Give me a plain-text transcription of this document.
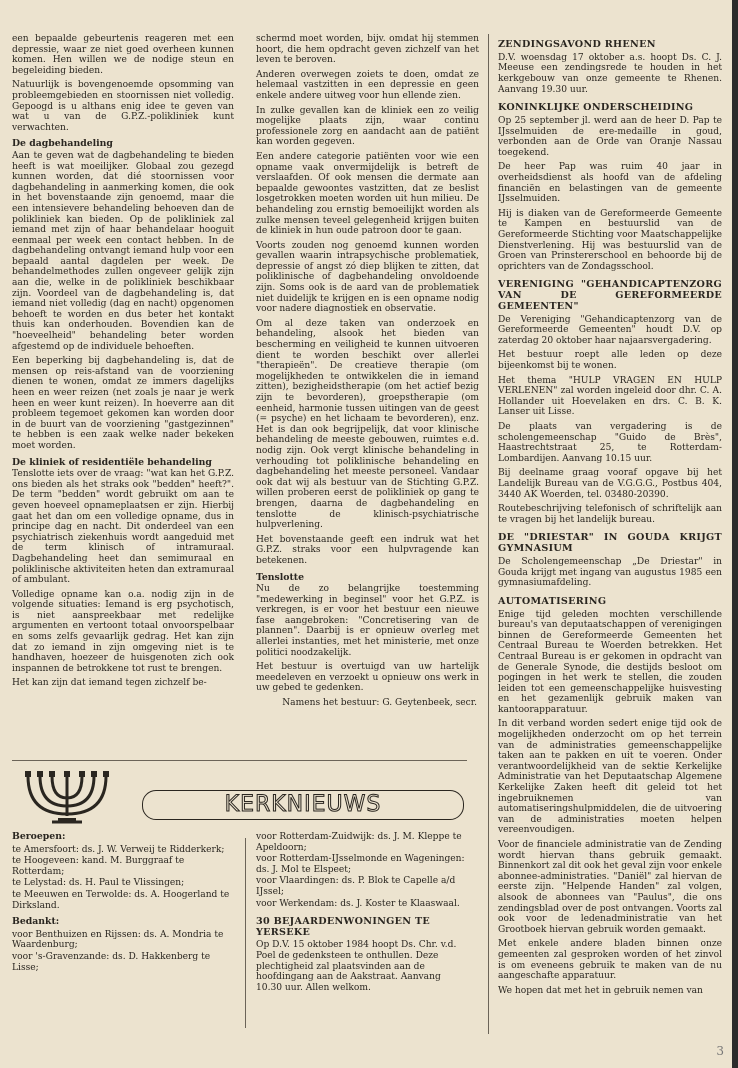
een bepaalde gebeurtenis reageren met een depressie, waar ze niet goed overheen kunnen komen. Hen willen we de nodige steun en begeleiding bieden.

Natuurlijk is bovengenoemde opsomming van probleemgebieden en stoornissen niet volledig. Gepoogd is u althans enig idee te geven van wat u van de G.P.Z.-polikliniek kunt verwachten.

De dagbehandeling

Aan te geven wat de dagbehandeling te bieden heeft is wat moeilijker. Globaal zou gezegd kunnen worden, dat dié stoornissen voor dagbehandeling in aanmerking komen, die ook in het bovenstaande zijn genoemd, maar die een intensievere behandeling behoeven dan de polikliniek kan bieden. Op de polikliniek zal iemand met zijn of haar behandelaar hooguit eenmaal per week een contact hebben. In de dagbehandeling ontvangt iemand hulp voor een bepaald aantal dagdelen per week. De behandelmethodes zullen ongeveer gelijk zijn aan die, welke in de polikliniek beschikbaar zijn. Voordeel van de dagbehandeling is, dat iemand niet volledig (dag en nacht) opgenomen behoeft te worden en dus beter het kontakt thuis kan onderhouden. Bovendien kan de "hoeveelheid" behandeling beter worden afgestemd op de individuele behoeften.

Een beperking bij dagbehandeling is, dat de mensen op reis-afstand van de voorziening dienen te wonen, omdat ze immers dagelijks heen en weer reizen (net zoals je naar je werk heen en weer kunt reizen). In hoeverre aan dit probleem tegemoet gekomen kan worden door in de buurt van de voorziening "gastgezinnen" te hebben is een zaak welke nader bekeken moet worden.

De kliniek of residentiële behandeling

Tenslotte iets over de vraag: "wat kan het G.P.Z. ons bieden als het straks ook "bedden" heeft?". De term "bedden" wordt gebruikt om aan te geven hoeveel opnameplaatsen er zijn. Hierbij gaat het dan om een volledige opname, dus in principe dag en nacht. Dit onderdeel van een psychiatrisch ziekenhuis wordt aangeduid met de term klinisch of intramuraal. Dagbehandeling heet dan semimuraal en poliklinische aktiviteiten heten dan extramuraal of ambulant.

Volledige opname kan o.a. nodig zijn in de volgende situaties: Iemand is erg psychotisch, is niet aanspreekbaar met redelijke argumenten en vertoont totaal onvoorspelbaar en soms zelfs gevaarlijk gedrag. Het kan zijn dat zo iemand in zijn omgeving niet is te handhaven, hoezeer de huisgenoten zich ook inspannen de betrokkene tot rust te brengen.

Het kan zijn dat iemand tegen zichzelf be-

schermd moet worden, bijv. omdat hij stemmen hoort, die hem opdracht geven zichzelf van het leven te beroven.

Anderen overwegen zoiets te doen, omdat ze helemaal vastzitten in een depressie en geen enkele andere uitweg voor hun ellende zien.

In zulke gevallen kan de kliniek een zo veilig mogelijke plaats zijn, waar continu professionele zorg en aandacht aan de patiënt kan worden gegeven.

Een andere categorie patiënten voor wie een opname vaak onvermijdelijk is betreft de verslaafden. Of ook mensen die dermate aan bepaalde gewoontes vastzitten, dat ze beslist losgetrokken moeten worden uit hun milieu. De behandeling zou ernstig bemoeilijkt worden als zulke mensen teveel gelegenheid krijgen buiten de kliniek in hun oude patroon door te gaan.

Voorts zouden nog genoemd kunnen worden gevallen waarin intrapsychische problematiek, depressie of angst zó diep blijken te zitten, dat poliklinische of dagbehandeling onvoldoende zijn. Soms ook is de aard van de problematiek niet duidelijk te krijgen en is een opname nodig voor nadere diagnostiek en observatie.

Om al deze taken van onderzoek en behandeling, alsook het bieden van bescherming en veiligheid te kunnen uitvoeren dient te worden beschikt over allerlei "therapieën". De creatieve therapie (om mogelijkheden te ontwikkelen die in iemand zitten), bezigheidstherapie (om het actief bezig zijn te bevorderen), groepstherapie (om eenheid, harmonie tussen uitingen van de geest (= psyche) en het lichaam te bevorderen), enz. Het is dan ook begrijpelijk, dat voor klinische behandeling de meeste gebouwen, ruimtes e.d. nodig zijn. Ook vergt klinische behandeling in verhouding tot poliklinische behandeling en dagbehandeling het meeste personeel. Vandaar ook dat wij als bestuur van de Stichting G.P.Z. willen proberen eerst de polikliniek op gang te brengen, daarna de dagbehandeling en tenslotte de klinisch-psychiatrische hulpverlening.

Het bovenstaande geeft een indruk wat het G.P.Z. straks voor een hulpvragende kan betekenen.

Tenslotte

Nu de zo belangrijke toestemming "medewerking in beginsel" voor het G.P.Z. is verkregen, is er voor het bestuur een nieuwe fase aangebroken: "Concretisering van de plannen". Daarbij is er opnieuw overleg met allerlei instanties, met het ministerie, met onze politici noodzakelijk.

Het bestuur is overtuigd van uw hartelijk meedeleven en verzoekt u opnieuw ons werk in uw gebed te gedenken.

Namens het bestuur: G. Geytenbeek, secr.

ZENDINGSAVOND RHENEN

D.V. woensdag 17 oktober a.s. hoopt Ds. C. J. Meeuse een zendingsrede te houden in het kerkgebouw van onze gemeente te Rhenen. Aanvang 19.30 uur.

KONINKLIJKE ONDERSCHEIDING

Op 25 september jl. werd aan de heer D. Pap te IJsselmuiden de ere-medaille in goud, verbonden aan de Orde van Oranje Nassau toegekend.

De heer Pap was ruim 40 jaar in overheidsdienst als hoofd van de afdeling financiën en belastingen van de gemeente IJsselmuiden.

Hij is diaken van de Gereformeerde Gemeente te Kampen en bestuurslid van de Gereformeerde Stichting voor Maatschappelijke Dienstverlening. Hij was bestuurslid van de Groen van Prinstererschool en behoorde bij de oprichters van de Zondagsschool.

VERENIGING "GEHANDICAPTENZORG VAN DE GEREFORMEERDE GEMEENTEN"

De Vereniging "Gehandicaptenzorg van de Gereformeerde Gemeenten" houdt D.V. op zaterdag 20 oktober haar najaarsvergadering.

Het bestuur roept alle leden op deze bijeenkomst bij te wonen.

Het thema "HULP VRAGEN EN HULP VERLENEN" zal worden ingeleid door dhr. C. A. Hollander uit Hoevelaken en drs. C. B. K. Lanser uit Lisse.

De plaats van vergadering is de scholengemeenschap "Guido de Brès", Haastrechtstraat 25, te Rotterdam-Lombardijen. Aanvang 10.15 uur.

Bij deelname graag vooraf opgave bij het Landelijk Bureau van de V.G.G.G., Postbus 404, 3440 AK Woerden, tel. 03480-20390.

Routebeschrijving telefonisch of schriftelijk aan te vragen bij het landelijk bureau.

DE "DRIESTAR" IN GOUDA KRIJGT GYMNASIUM

De Scholengemeenschap „De Driestar" in Gouda krijgt met ingang van augustus 1985 een gymnasiumafdeling.

AUTOMATISERING

Enige tijd geleden mochten verschillende bureau's van deputaatschappen of verenigingen binnen de Gereformeerde Gemeenten het Centraal Bureau te Woerden betrekken. Het Centraal Bureau is er gekomen in opdracht van de Generale Synode, die destijds besloot om pogingen in het werk te stellen, die zouden leiden tot een gemeenschappelijke huisvesting en het gezamenlijk gebruik maken van kantoorapparatuur.

In dit verband worden sedert enige tijd ook de mogelijkheden onderzocht om op het terrein van de administraties gemeenschappelijke taken aan te pakken en uit te voeren. Onder verantwoordelijkheid van de sektie Kerkelijke Administratie van het Deputaatschap Algemene Kerkelijke Zaken heeft dit geleid tot het ingebruiknemen van automatiseringshulpmiddelen, die de uitvoering van de administraties moeten helpen vereenvoudigen.

Voor de financiele administratie van de Zending wordt hiervan thans gebruik gemaakt. Binnenkort zal dit ook het geval zijn voor enkele abonnee-administraties. "Daniël" zal hiervan de eerste zijn. "Helpende Handen" zal volgen, alsook de abonnees van "Paulus", die ons zendingsblad over de post ontvangen. Voorts zal ook voor de ledenadministratie van het Grootboek hiervan gebruik worden gemaakt.

Met enkele andere bladen binnen onze gemeenten zal gesproken worden of het zinvol is om eveneens gebruik te maken van de nu aangeschafte apparatuur.

We hopen dat met het in gebruik nemen van

KERKNIEUWS
Beroepen:

te Amersfoort: ds. J. W. Verweij te Ridderkerk;

te Hoogeveen: kand. M. Burggraaf te Rotterdam;

te Lelystad: ds. H. Paul te Vlissingen;

te Meeuwen en Terwolde: ds. A. Hoogerland te Dirksland.

Bedankt:

voor Benthuizen en Rijssen: ds. A. Mondria te Waardenburg;

voor 's-Gravenzande: ds. D. Hakkenberg te Lisse;

voor Rotterdam-Zuidwijk: ds. J. M. Kleppe te Apeldoorn;

voor Rotterdam-IJsselmonde en Wageningen: ds. J. Mol te Elspeet;

voor Vlaardingen: ds. P. Blok te Capelle a/d IJssel;

voor Werkendam: ds. J. Koster te Klaaswaal.

30 BEJAARDENWONINGEN TE YERSEKE

Op D.V. 15 oktober 1984 hoopt Ds. Chr. v.d. Poel de gedenksteen te onthullen. Deze plechtigheid zal plaatsvinden aan de hoofdingang aan de Aakstraat. Aanvang 10.30 uur. Allen welkom.

3
